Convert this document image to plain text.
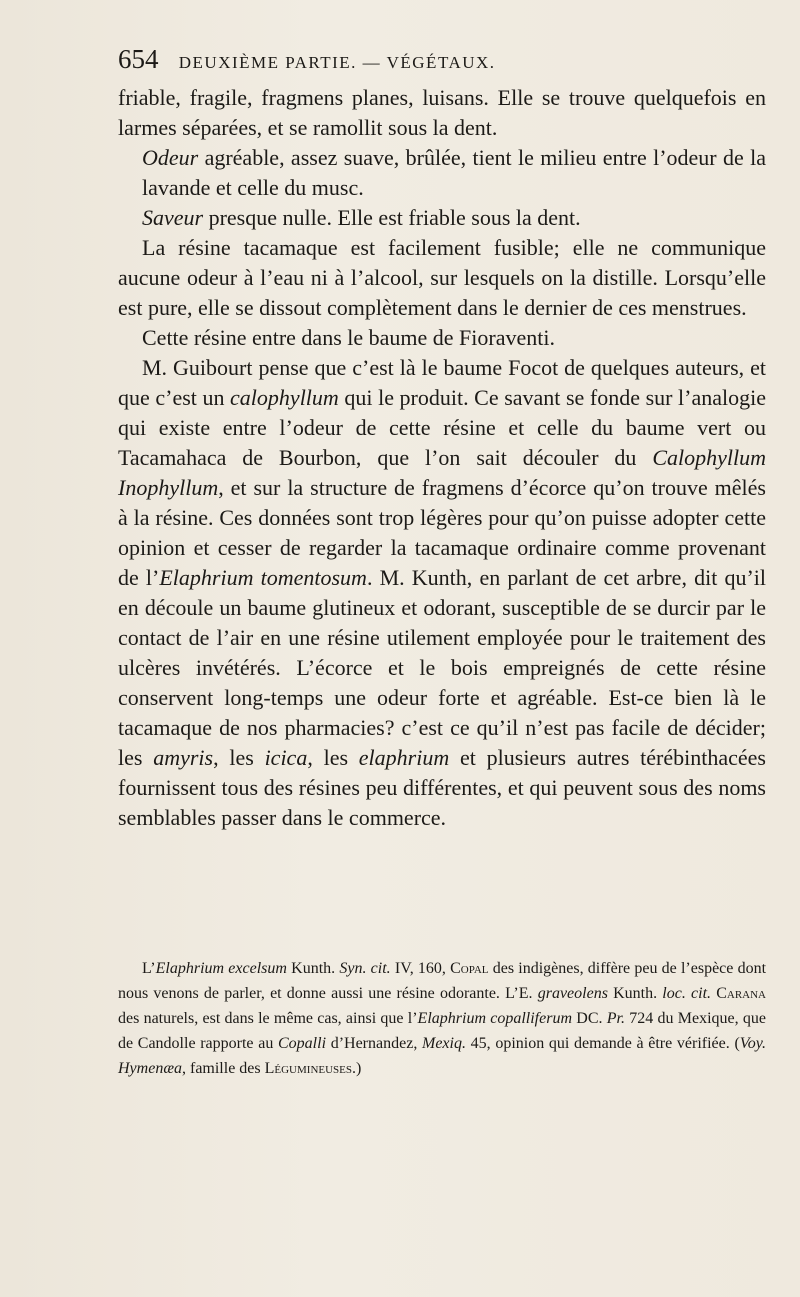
654 DEUXIÈME PARTIE. — VÉGÉTAUX.

friable, fragile, fragmens planes, luisans. Elle se trouve quelquefois en larmes séparées, et se ramollit sous la dent.

Odeur agréable, assez suave, brûlée, tient le milieu entre l’odeur de la lavande et celle du musc.

Saveur presque nulle. Elle est friable sous la dent.

La résine tacamaque est facilement fusible; elle ne communique aucune odeur à l’eau ni à l’alcool, sur lesquels on la distille. Lorsqu’elle est pure, elle se dissout complètement dans le dernier de ces menstrues.

Cette résine entre dans le baume de Fioraventi.

M. Guibourt pense que c’est là le baume Focot de quelques auteurs, et que c’est un calophyllum qui le produit. Ce savant se fonde sur l’analogie qui existe entre l’odeur de cette résine et celle du baume vert ou Tacamahaca de Bourbon, que l’on sait découler du Calophyllum Inophyllum, et sur la structure de fragmens d’écorce qu’on trouve mêlés à la résine. Ces données sont trop légères pour qu’on puisse adopter cette opinion et cesser de regarder la tacamaque ordinaire comme provenant de l’Elaphrium tomentosum. M. Kunth, en parlant de cet arbre, dit qu’il en découle un baume glutineux et odorant, susceptible de se durcir par le contact de l’air en une résine utilement employée pour le traitement des ulcères invétérés. L’écorce et le bois empreignés de cette résine conservent long-temps une odeur forte et agréable. Est-ce bien là le tacamaque de nos pharmacies? c’est ce qu’il n’est pas facile de décider; les amyris, les icica, les elaphrium et plusieurs autres térébinthacées fournissent tous des résines peu différentes, et qui peuvent sous des noms semblables passer dans le commerce.

L’Elaphrium excelsum Kunth. Syn. cit. IV, 160, Copal des indigènes, diffère peu de l’espèce dont nous venons de parler, et donne aussi une résine odorante. L’E. graveolens Kunth. loc. cit. Carana des naturels, est dans le même cas, ainsi que l’Elaphrium copalliferum DC. Pr. 724 du Mexique, que de Candolle rapporte au Copalli d’Hernandez, Mexiq. 45, opinion qui demande à être vérifiée. (Voy. Hymenæa, famille des Légumineuses.)
